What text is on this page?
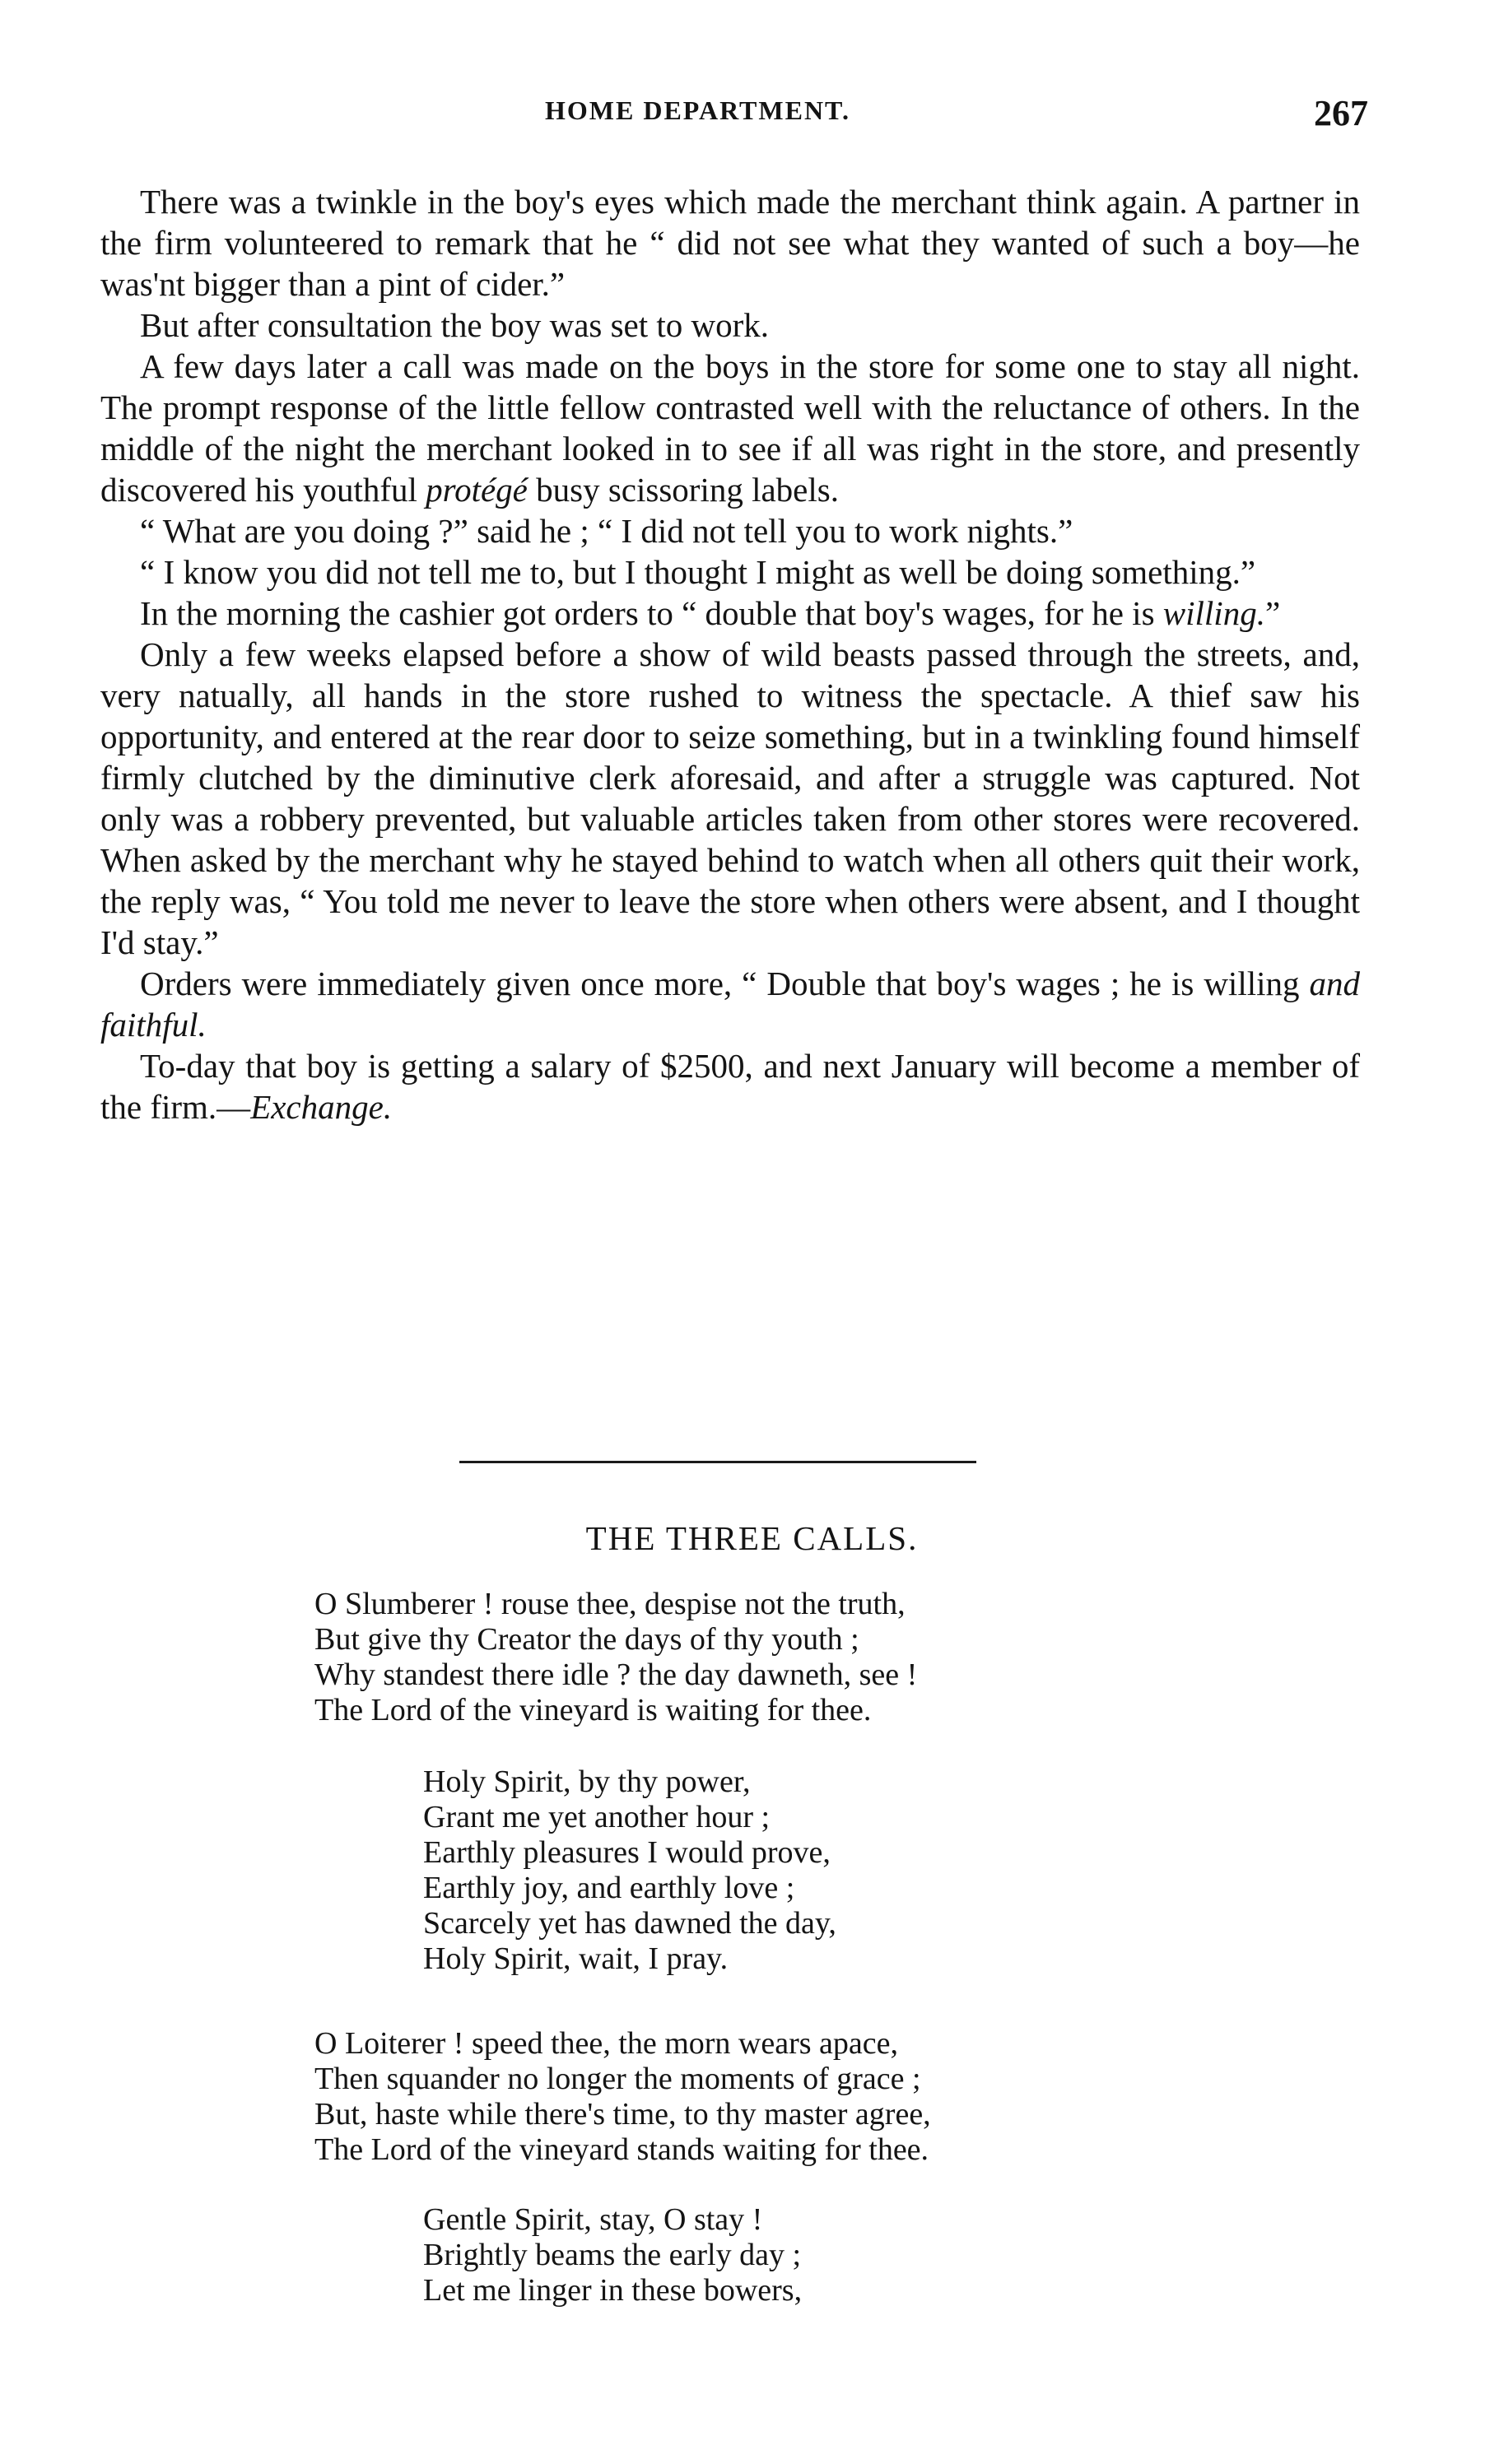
HOME DEPARTMENT.	267

There was a twinkle in the boy's eyes which made the merchant think again. A partner in the firm volunteered to remark that he “ did not see what they wanted of such a boy—he was'nt bigger than a pint of cider.”

But after consultation the boy was set to work.

A few days later a call was made on the boys in the store for some one to stay all night. The prompt response of the little fellow contrasted well with the reluctance of others. In the middle of the night the merchant looked in to see if all was right in the store, and presently discovered his youthful protégé busy scissoring labels.

“ What are you doing ?” said he ; “ I did not tell you to work nights.”

“ I know you did not tell me to, but I thought I might as well be doing something.”

In the morning the cashier got orders to “ double that boy's wages, for he is willing.”

Only a few weeks elapsed before a show of wild beasts passed through the streets, and, very natually, all hands in the store rushed to witness the spectacle. A thief saw his opportunity, and entered at the rear door to seize something, but in a twinkling found himself firmly clutched by the diminutive clerk aforesaid, and after a struggle was captured. Not only was a robbery prevented, but valuable articles taken from other stores were recovered. When asked by the merchant why he stayed behind to watch when all others quit their work, the reply was, “ You told me never to leave the store when others were absent, and I thought I'd stay.”

Orders were immediately given once more, “ Double that boy's wages ; he is willing and faithful.

To-day that boy is getting a salary of $2500, and next January will become a member of the firm.—Exchange.

THE THREE CALLS.
O Slumberer ! rouse thee, despise not the truth,
But give thy Creator the days of thy youth ;
Why standest there idle ? the day dawneth, see !
The Lord of the vineyard is waiting for thee.
Holy Spirit, by thy power,
Grant me yet another hour ;
Earthly pleasures I would prove,
Earthly joy, and earthly love ;
Scarcely yet has dawned the day,
Holy Spirit, wait, I pray.
O Loiterer ! speed thee, the morn wears apace,
Then squander no longer the moments of grace ;
But, haste while there's time, to thy master agree,
The Lord of the vineyard stands waiting for thee.
Gentle Spirit, stay, O stay !
Brightly beams the early day ;
Let me linger in these bowers,
